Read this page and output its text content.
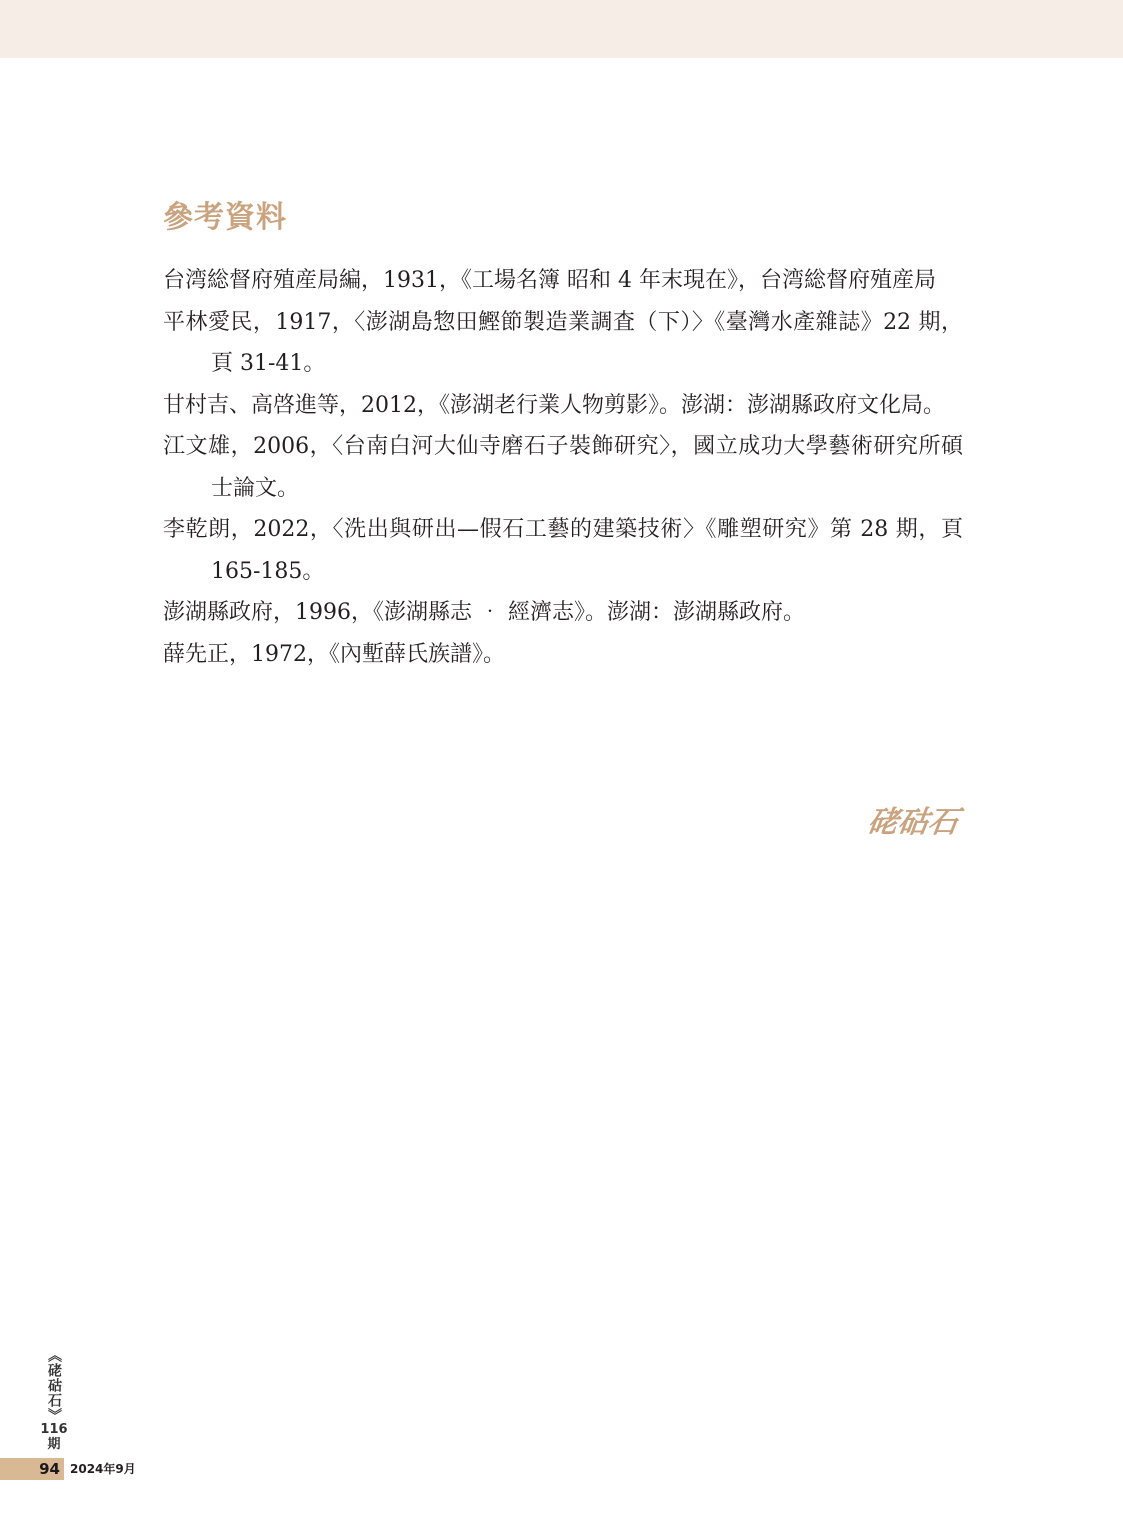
參考資料
台湾総督府殖産局編，1931，《工場名簿 昭和 4 年末現在》，台湾総督府殖産局
平林愛民，1917，〈澎湖島惣田鰹節製造業調査（下）〉《臺灣水產雜誌》22 期，頁 31-41。
甘村吉、高啓進等，2012，《澎湖老行業人物剪影》。澎湖：澎湖縣政府文化局。
江文雄，2006，〈台南白河大仙寺磨石子裝飾研究〉，國立成功大學藝術研究所碩士論文。
李乾朗，2022，〈洗出與研出—假石工藝的建築技術〉《雕塑研究》第 28 期，頁 165-185。
澎湖縣政府，1996，《澎湖縣志 ‧ 經濟志》。澎湖：澎湖縣政府。
薛先正，1972，《內塹薛氏族譜》。
硓𥑮石
《硓𥑮石》
116
期
94 2024年9月
